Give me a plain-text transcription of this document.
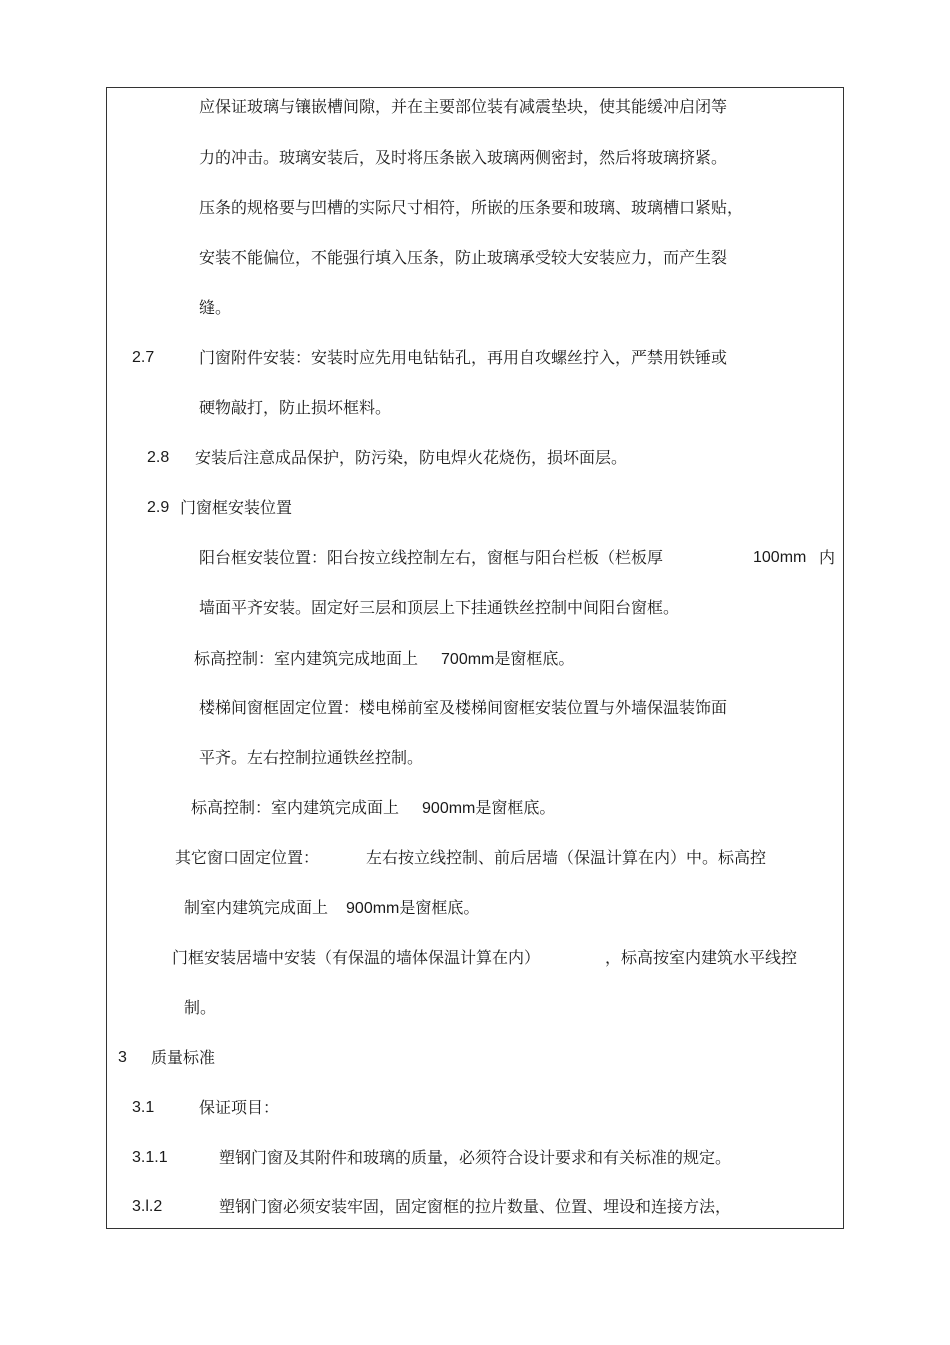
应保证玻璃与镶嵌槽间隙，并在主要部位装有减震垫块，使其能缓冲启闭等
力的冲击。玻璃安装后，及时将压条嵌入玻璃两侧密封，然后将玻璃挤紧。
压条的规格要与凹槽的实际尺寸相符，所嵌的压条要和玻璃、玻璃槽口紧贴，
安装不能偏位，不能强行填入压条，防止玻璃承受较大安装应力，而产生裂
缝。
2.7	门窗附件安装：安装时应先用电钻钻孔，再用自攻螺丝拧入，严禁用铁锤或
硬物敲打，防止损坏框料。
2.8 安装后注意成品保护，防污染，防电焊火花烧伤，损坏面层。
2.9 门窗框安装位置
阳台框安装位置：阳台按立线控制左右，窗框与阳台栏板（栏板厚	100mm 内
墙面平齐安装。固定好三层和顶层上下挂通铁丝控制中间阳台窗框。
标高控制：室内建筑完成地面上 700mm是窗框底。
楼梯间窗框固定位置：楼电梯前室及楼梯间窗框安装位置与外墙保温装饰面
平齐。左右控制拉通铁丝控制。
标高控制：室内建筑完成面上 900mm是窗框底。
其它窗口固定位置：	左右按立线控制、前后居墙（保温计算在内）中。标高控
制室内建筑完成面上 900mm是窗框底。
门框安装居墙中安装（有保温的墙体保温计算在内）	，标高按室内建筑水平线控
制。
3 质量标准
3.1	保证项目：
3.1.1	塑钢门窗及其附件和玻璃的质量，必须符合设计要求和有关标准的规定。
3.l.2	塑钢门窗必须安装牢固，固定窗框的拉片数量、位置、埋设和连接方法，
